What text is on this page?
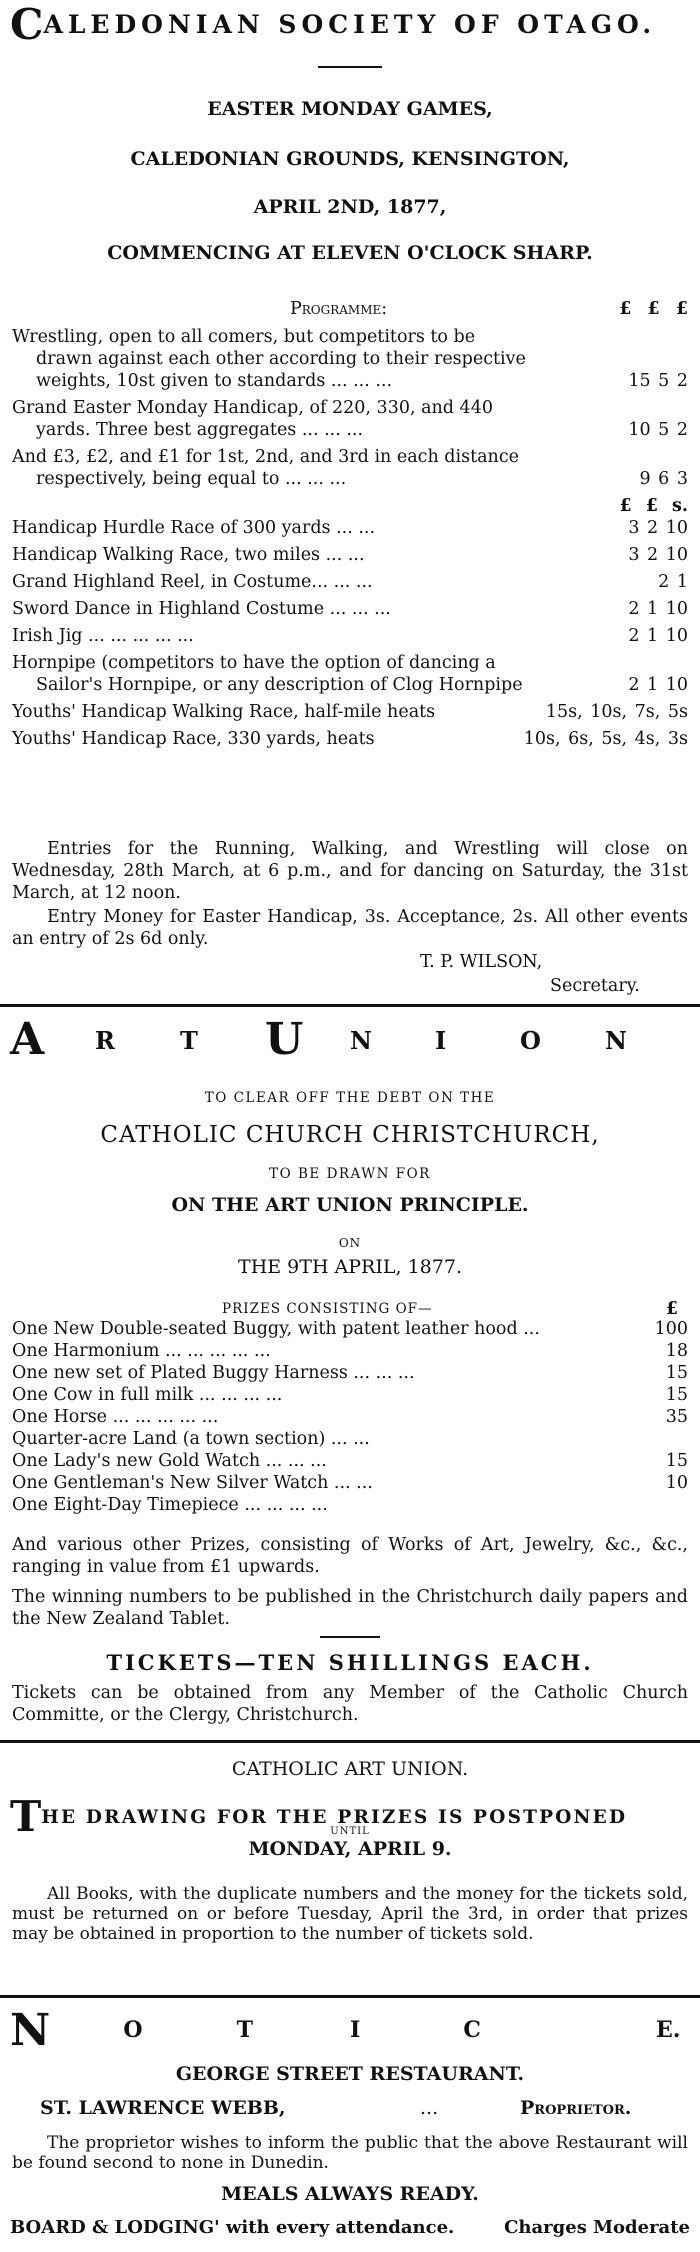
CALEDONIAN SOCIETY OF OTAGO.
EASTER MONDAY GAMES,
CALEDONIAN GROUNDS, KENSINGTON,
APRIL 2ND, 1877,
COMMENCING AT ELEVEN O'CLOCK SHARP.
Programme:	£ £ £
Wrestling, open to all comers, but competitors to be
drawn against each other according to their respective
weights, 10st given to standards ... ... ...	15 5 2
Grand Easter Monday Handicap, of 220, 330, and 440
yards. Three best aggregates ... ... ...	10 5 2
And £3, £2, and £1 for 1st, 2nd, and 3rd in each distance
respectively, being equal to ... ... ...	9 6 3
£ £ s.
Handicap Hurdle Race of 300 yards ... ...	3 2 10
Handicap Walking Race, two miles ... ...	3 2 10
Grand Highland Reel, in Costume... ... ...	2 1
Sword Dance in Highland Costume ... ... ...	2 1 10
Irish Jig ... ... ... ... ...	2 1 10
Hornpipe (competitors to have the option of dancing a
Sailor's Hornpipe, or any description of Clog Hornpipe	2 1 10
Youths' Handicap Walking Race, half-mile heats	15s, 10s, 7s, 5s
Youths' Handicap Race, 330 yards, heats	10s, 6s, 5s, 4s, 3s
Entries for the Running, Walking, and Wrestling will close on Wednesday, 28th March, at 6 p.m., and for dancing on Saturday, the 31st March, at 12 noon.
Entry Money for Easter Handicap, 3s. Acceptance, 2s. All other events an entry of 2s 6d only.
T. P. WILSON,
Secretary.
A R	T U N	I	O	N
TO CLEAR OFF THE DEBT ON THE
CATHOLIC CHURCH CHRISTCHURCH,
TO BE DRAWN FOR
ON THE ART UNION PRINCIPLE.
ON
THE 9TH APRIL, 1877.
PRIZES CONSISTING OF—	£
One New Double-seated Buggy, with patent leather hood ...	100
One Harmonium ... ... ... ... ...	18
One new set of Plated Buggy Harness ... ... ...	15
One Cow in full milk ... ... ... ...	15
One Horse ... ... ... ... ...	35
Quarter-acre Land (a town section) ... ...
One Lady's new Gold Watch ... ... ...	15
One Gentleman's New Silver Watch ... ...	10
One Eight-Day Timepiece ... ... ... ...
And various other Prizes, consisting of Works of Art, Jewelry, &c., &c., ranging in value from £1 upwards.
The winning numbers to be published in the Christchurch daily papers and the New Zealand Tablet.
TICKETS—TEN SHILLINGS EACH.
Tickets can be obtained from any Member of the Catholic Church Committe, or the Clergy, Christchurch.
CATHOLIC ART UNION.
THE DRAWING FOR THE PRIZES IS POSTPONED
UNTIL
MONDAY, APRIL 9.
All Books, with the duplicate numbers and the money for the tickets sold, must be returned on or before Tuesday, April the 3rd, in order that prizes may be obtained in proportion to the number of tickets sold.
N	O	T	I	C	E.
GEORGE STREET RESTAURANT.
ST. LAWRENCE WEBB,	...	Proprietor.
The proprietor wishes to inform the public that the above Restaurant will be found second to none in Dunedin.
MEALS ALWAYS READY.
BOARD & LODGING' with every attendance.	Charges Moderate
